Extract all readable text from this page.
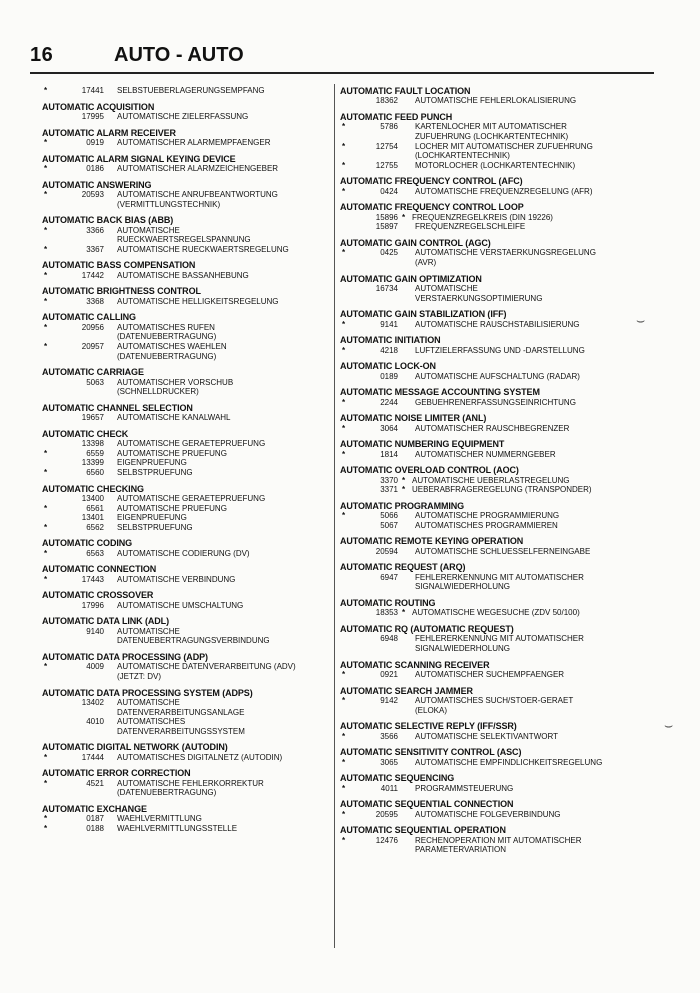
16	AUTO - AUTO
*	17441 SELBSTUEBERLAGERUNGSEMPFANG
AUTOMATIC ACQUISITION
17995 AUTOMATISCHE ZIELERFASSUNG
AUTOMATIC ALARM RECEIVER
*	0919 AUTOMATISCHER ALARMEMPFAENGER
AUTOMATIC ALARM SIGNAL KEYING DEVICE
*	0186 AUTOMATISCHER ALARMZEICHENGEBER
AUTOMATIC ANSWERING
*	20593 AUTOMATISCHE ANRUFBEANTWORTUNG
(VERMITTLUNGSTECHNIK)
AUTOMATIC BACK BIAS (ABB)
*	3366 AUTOMATISCHE
RUECKWAERTSREGELSPANNUNG
*	3367 AUTOMATISCHE RUECKWAERTSREGELUNG
AUTOMATIC BASS COMPENSATION
*	17442 AUTOMATISCHE BASSANHEBUNG
AUTOMATIC BRIGHTNESS CONTROL
*	3368 AUTOMATISCHE HELLIGKEITSREGELUNG
AUTOMATIC CALLING
*	20956 AUTOMATISCHES RUFEN
(DATENUEBERTRAGUNG)
*	20957 AUTOMATISCHES WAEHLEN
(DATENUEBERTRAGUNG)
AUTOMATIC CARRIAGE
5063 AUTOMATISCHER VORSCHUB
(SCHNELLDRUCKER)
AUTOMATIC CHANNEL SELECTION
19657 AUTOMATISCHE KANALWAHL
AUTOMATIC CHECK
13398 AUTOMATISCHE GERAETEPRUEFUNG
*	6559 AUTOMATISCHE PRUEFUNG
13399 EIGENPRUEFUNG
*	6560 SELBSTPRUEFUNG
AUTOMATIC CHECKING
13400 AUTOMATISCHE GERAETEPRUEFUNG
*	6561 AUTOMATISCHE PRUEFUNG
13401 EIGENPRUEFUNG
*	6562 SELBSTPRUEFUNG
AUTOMATIC CODING
*	6563 AUTOMATISCHE CODIERUNG (DV)
AUTOMATIC CONNECTION
*	17443 AUTOMATISCHE VERBINDUNG
AUTOMATIC CROSSOVER
17996 AUTOMATISCHE UMSCHALTUNG
AUTOMATIC DATA LINK (ADL)
9140 AUTOMATISCHE
DATENUEBERTRAGUNGSVERBINDUNG
AUTOMATIC DATA PROCESSING (ADP)
*	4009 AUTOMATISCHE DATENVERARBEITUNG (ADV)
(JETZT: DV)
AUTOMATIC DATA PROCESSING SYSTEM (ADPS)
13402 AUTOMATISCHE
DATENVERARBEITUNGSANLAGE
4010 AUTOMATISCHES
DATENVERARBEITUNGSSYSTEM
AUTOMATIC DIGITAL NETWORK (AUTODIN)
*	17444 AUTOMATISCHES DIGITALNETZ (AUTODIN)
AUTOMATIC ERROR CORRECTION
*	4521 AUTOMATISCHE FEHLERKORREKTUR
(DATENUEBERTRAGUNG)
AUTOMATIC EXCHANGE
*	0187 WAEHLVERMITTLUNG
*	0188 WAEHLVERMITTLUNGSSTELLE
AUTOMATIC FAULT LOCATION
18362 AUTOMATISCHE FEHLERLOKALISIERUNG
AUTOMATIC FEED PUNCH
*	5786 KARTENLOCHER MIT AUTOMATISCHER
ZUFUEHRUNG (LOCHKARTENTECHNIK)
*	12754 LOCHER MIT AUTOMATISCHER ZUFUEHRUNG
(LOCHKARTENTECHNIK)
*	12755 MOTORLOCHER (LOCHKARTENTECHNIK)
AUTOMATIC FREQUENCY CONTROL (AFC)
*	0424 AUTOMATISCHE FREQUENZREGELUNG (AFR)
AUTOMATIC FREQUENCY CONTROL LOOP
15896 * FREQUENZREGELKREIS (DIN 19226)
15897 FREQUENZREGELSCHLEIFE
AUTOMATIC GAIN CONTROL (AGC)
*	0425 AUTOMATISCHE VERSTAERKUNGSREGELUNG
(AVR)
AUTOMATIC GAIN OPTIMIZATION
16734 AUTOMATISCHE
VERSTAERKUNGSOPTIMIERUNG
AUTOMATIC GAIN STABILIZATION (IFF)
*	9141 AUTOMATISCHE RAUSCHSTABILISIERUNG
AUTOMATIC INITIATION
*	4218 LUFTZIELERFASSUNG UND -DARSTELLUNG
AUTOMATIC LOCK-ON
0189 AUTOMATISCHE AUFSCHALTUNG (RADAR)
AUTOMATIC MESSAGE ACCOUNTING SYSTEM
*	2244 GEBUEHRENERFASSUNGSEINRICHTUNG
AUTOMATIC NOISE LIMITER (ANL)
*	3064 AUTOMATISCHER RAUSCHBEGRENZER
AUTOMATIC NUMBERING EQUIPMENT
*	1814 AUTOMATISCHER NUMMERNGEBER
AUTOMATIC OVERLOAD CONTROL (AOC)
3370 * AUTOMATISCHE UEBERLASTREGELUNG
3371 * UEBERABFRAGEREGELUNG (TRANSPONDER)
AUTOMATIC PROGRAMMING
*	5066 AUTOMATISCHE PROGRAMMIERUNG
5067 AUTOMATISCHES PROGRAMMIEREN
AUTOMATIC REMOTE KEYING OPERATION
20594 AUTOMATISCHE SCHLUESSELFERNEINGABE
AUTOMATIC REQUEST (ARQ)
6947 FEHLERERKENNUNG MIT AUTOMATISCHER
SIGNALWIEDERHOLUNG
AUTOMATIC ROUTING
18353 * AUTOMATISCHE WEGESUCHE (ZDV 50/100)
AUTOMATIC RQ (AUTOMATIC REQUEST)
6948 FEHLERERKENNUNG MIT AUTOMATISCHER
SIGNALWIEDERHOLUNG
AUTOMATIC SCANNING RECEIVER
*	0921 AUTOMATISCHER SUCHEMPFAENGER
AUTOMATIC SEARCH JAMMER
*	9142 AUTOMATISCHES SUCH/STOER-GERAET
(ELOKA)
AUTOMATIC SELECTIVE REPLY (IFF/SSR)
*	3566 AUTOMATISCHE SELEKTIVANTWORT
AUTOMATIC SENSITIVITY CONTROL (ASC)
*	3065 AUTOMATISCHE EMPFINDLICHKEITSREGELUNG
AUTOMATIC SEQUENCING
*	4011 PROGRAMMSTEUERUNG
AUTOMATIC SEQUENTIAL CONNECTION
*	20595 AUTOMATISCHE FOLGEVERBINDUNG
AUTOMATIC SEQUENTIAL OPERATION
*	12476 RECHENOPERATION MIT AUTOMATISCHER
PARAMETERVARIATION
⌣
⌣
